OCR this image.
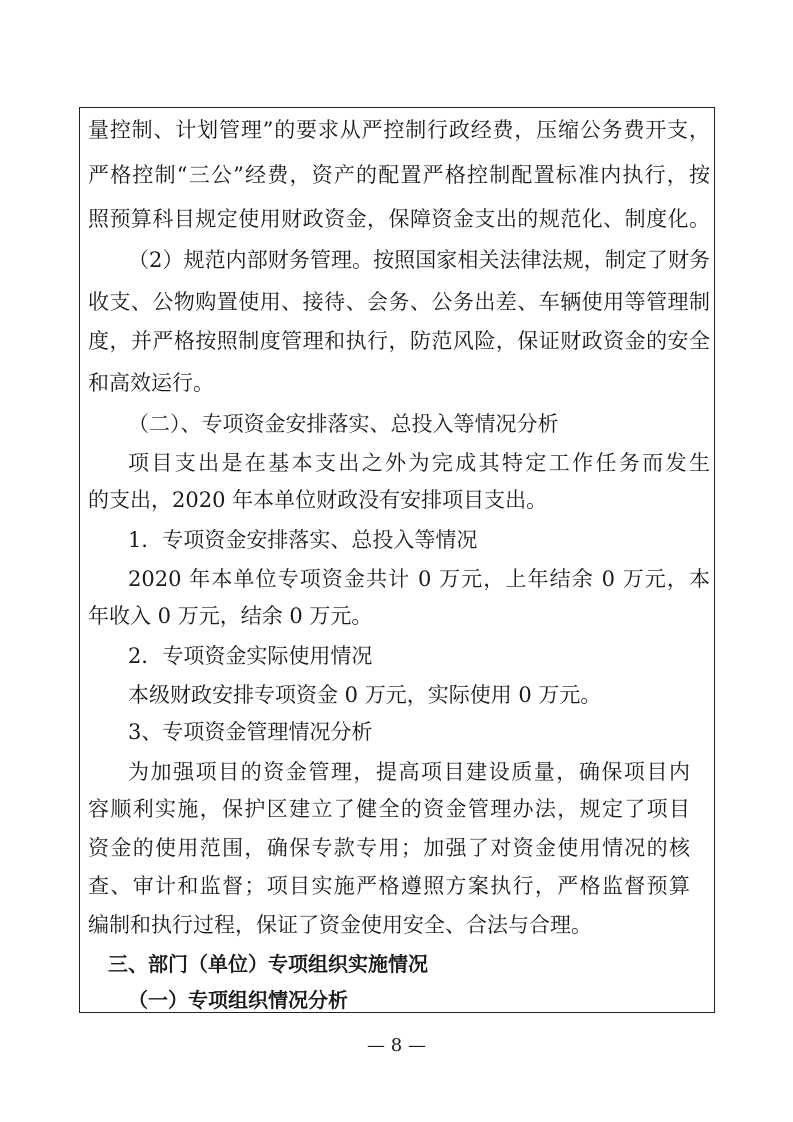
量控制、计划管理”的要求从严控制行政经费，压缩公务费开支，
严格控制“三公”经费，资产的配置严格控制配置标准内执行，按
照预算科目规定使用财政资金，保障资金支出的规范化、制度化。
（2）规范内部财务管理。按照国家相关法律法规，制定了财务
收支、公物购置使用、接待、会务、公务出差、车辆使用等管理制
度，并严格按照制度管理和执行，防范风险，保证财政资金的安全
和高效运行。
（二）、专项资金安排落实、总投入等情况分析
项目支出是在基本支出之外为完成其特定工作任务而发生
的支出，2020 年本单位财政没有安排项目支出。
1．专项资金安排落实、总投入等情况
2020 年本单位专项资金共计 0 万元，上年结余 0 万元，本
年收入 0 万元，结余 0 万元。
2．专项资金实际使用情况
本级财政安排专项资金 0 万元，实际使用 0 万元。
3、专项资金管理情况分析
为加强项目的资金管理，提高项目建设质量，确保项目内
容顺利实施，保护区建立了健全的资金管理办法，规定了项目
资金的使用范围，确保专款专用；加强了对资金使用情况的核
查、审计和监督；项目实施严格遵照方案执行，严格监督预算
编制和执行过程，保证了资金使用安全、合法与合理。
三、部门（单位）专项组织实施情况
（一）专项组织情况分析
— 8 —
